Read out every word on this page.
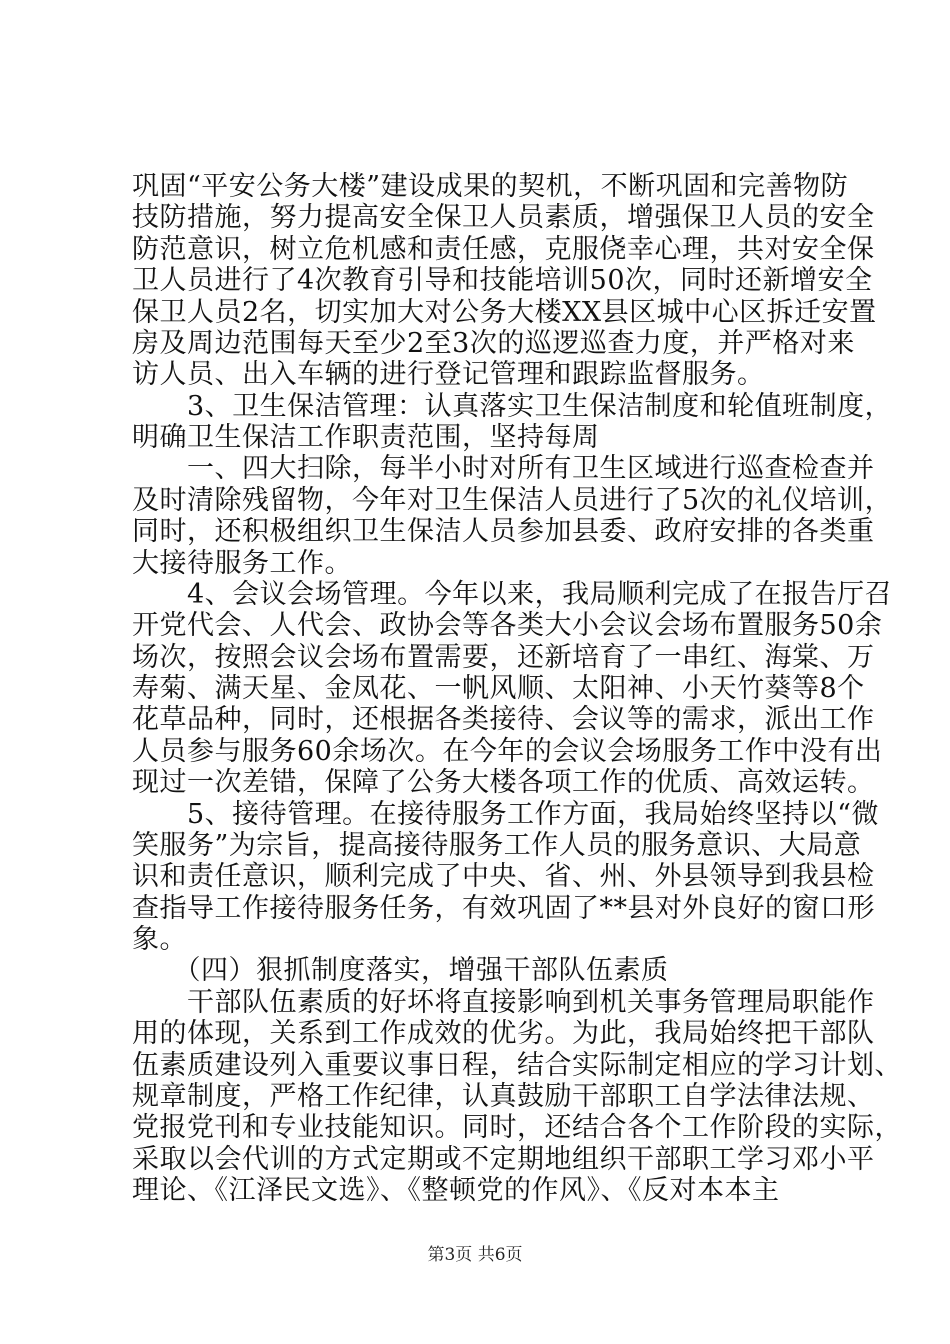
巩固“平安公务大楼”建设成果的契机，不断巩固和完善物防
技防措施，努力提高安全保卫人员素质，增强保卫人员的安全
防范意识，树立危机感和责任感，克服侥幸心理，共对安全保
卫人员进行了4次教育引导和技能培训50次，同时还新增安全
保卫人员2名，切实加大对公务大楼XX县区城中心区拆迁安置
房及周边范围每天至少2至3次的巡逻巡查力度，并严格对来
访人员、出入车辆的进行登记管理和跟踪监督服务。
　　3、卫生保洁管理：认真落实卫生保洁制度和轮值班制度，
明确卫生保洁工作职责范围，坚持每周
　　一、四大扫除，每半小时对所有卫生区域进行巡查检查并
及时清除残留物，今年对卫生保洁人员进行了5次的礼仪培训，
同时，还积极组织卫生保洁人员参加县委、政府安排的各类重
大接待服务工作。
　　4、会议会场管理。今年以来，我局顺利完成了在报告厅召
开党代会、人代会、政协会等各类大小会议会场布置服务50余
场次，按照会议会场布置需要，还新培育了一串红、海棠、万
寿菊、满天星、金凤花、一帆风顺、太阳神、小天竹葵等8个
花草品种，同时，还根据各类接待、会议等的需求，派出工作
人员参与服务60余场次。在今年的会议会场服务工作中没有出
现过一次差错，保障了公务大楼各项工作的优质、高效运转。
　　5、接待管理。在接待服务工作方面，我局始终坚持以“微
笑服务”为宗旨，提高接待服务工作人员的服务意识、大局意
识和责任意识，顺利完成了中央、省、州、外县领导到我县检
查指导工作接待服务任务，有效巩固了**县对外良好的窗口形
象。
　　（四）狠抓制度落实，增强干部队伍素质
　　干部队伍素质的好坏将直接影响到机关事务管理局职能作
用的体现，关系到工作成效的优劣。为此，我局始终把干部队
伍素质建设列入重要议事日程，结合实际制定相应的学习计划、
规章制度，严格工作纪律，认真鼓励干部职工自学法律法规、
党报党刊和专业技能知识。同时，还结合各个工作阶段的实际，
采取以会代训的方式定期或不定期地组织干部职工学习邓小平
理论、《江泽民文选》、《整顿党的作风》、《反对本本主
第3页 共6页
